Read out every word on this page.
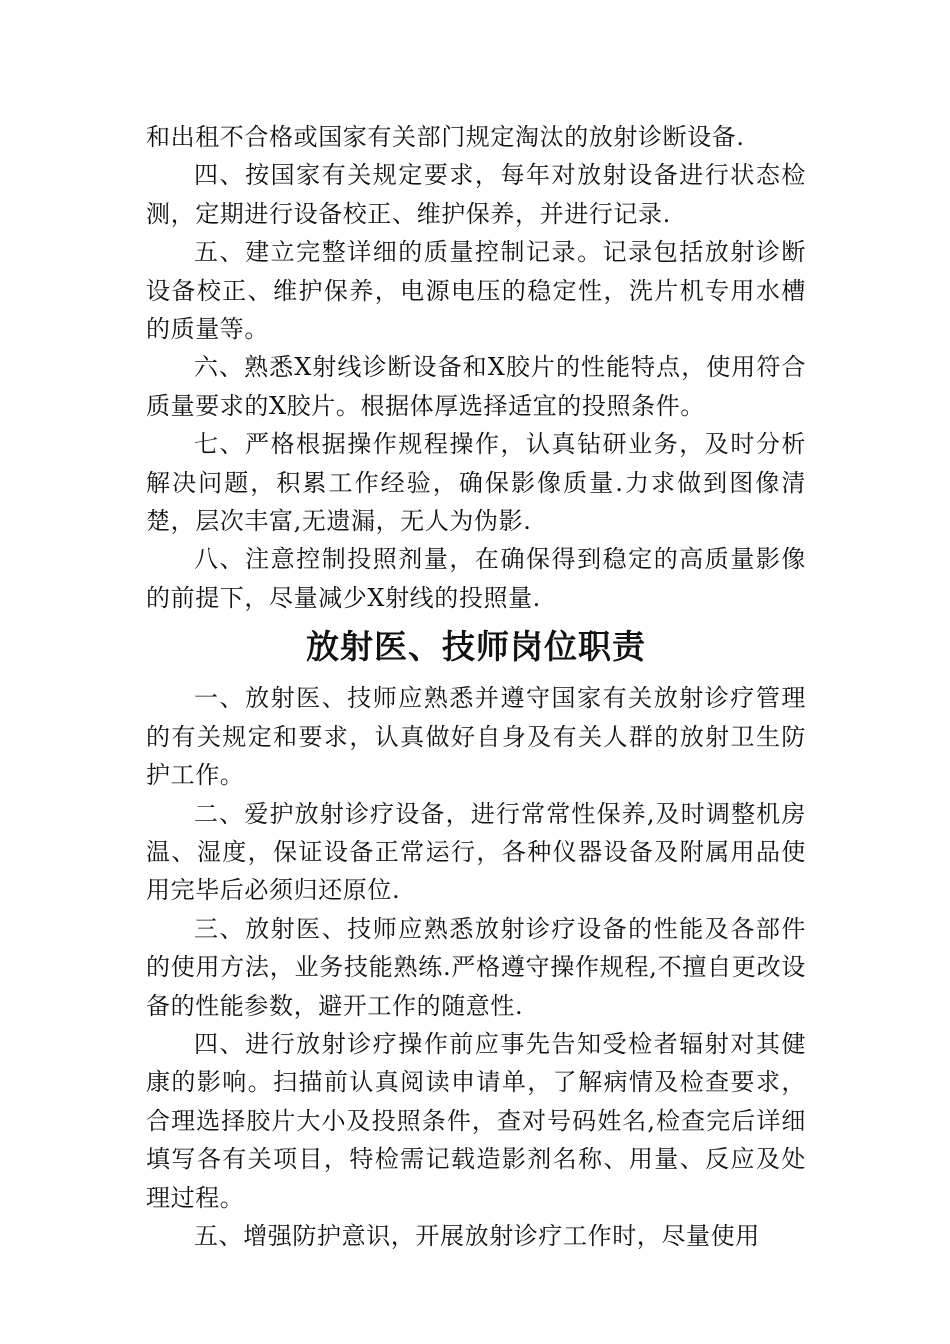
和出租不合格或国家有关部门规定淘汰的放射诊断设备.

四、按国家有关规定要求，每年对放射设备进行状态检测，定期进行设备校正、维护保养，并进行记录.

五、建立完整详细的质量控制记录。记录包括放射诊断设备校正、维护保养，电源电压的稳定性，洗片机专用水槽的质量等。

六、熟悉X射线诊断设备和X胶片的性能特点，使用符合质量要求的X胶片。根据体厚选择适宜的投照条件。

七、严格根据操作规程操作，认真钻研业务，及时分析解决问题，积累工作经验，确保影像质量.力求做到图像清楚，层次丰富,无遗漏，无人为伪影.

八、注意控制投照剂量，在确保得到稳定的高质量影像的前提下，尽量减少X射线的投照量.

放射医、技师岗位职责

一、放射医、技师应熟悉并遵守国家有关放射诊疗管理的有关规定和要求，认真做好自身及有关人群的放射卫生防护工作。

二、爱护放射诊疗设备，进行常常性保养,及时调整机房温、湿度，保证设备正常运行，各种仪器设备及附属用品使用完毕后必须归还原位.

三、放射医、技师应熟悉放射诊疗设备的性能及各部件的使用方法，业务技能熟练.严格遵守操作规程,不擅自更改设备的性能参数，避开工作的随意性.

四、进行放射诊疗操作前应事先告知受检者辐射对其健康的影响。扫描前认真阅读申请单，了解病情及检查要求，合理选择胶片大小及投照条件，查对号码姓名,检查完后详细填写各有关项目，特检需记载造影剂名称、用量、反应及处理过程。

五、增强防护意识，开展放射诊疗工作时，尽量使用
